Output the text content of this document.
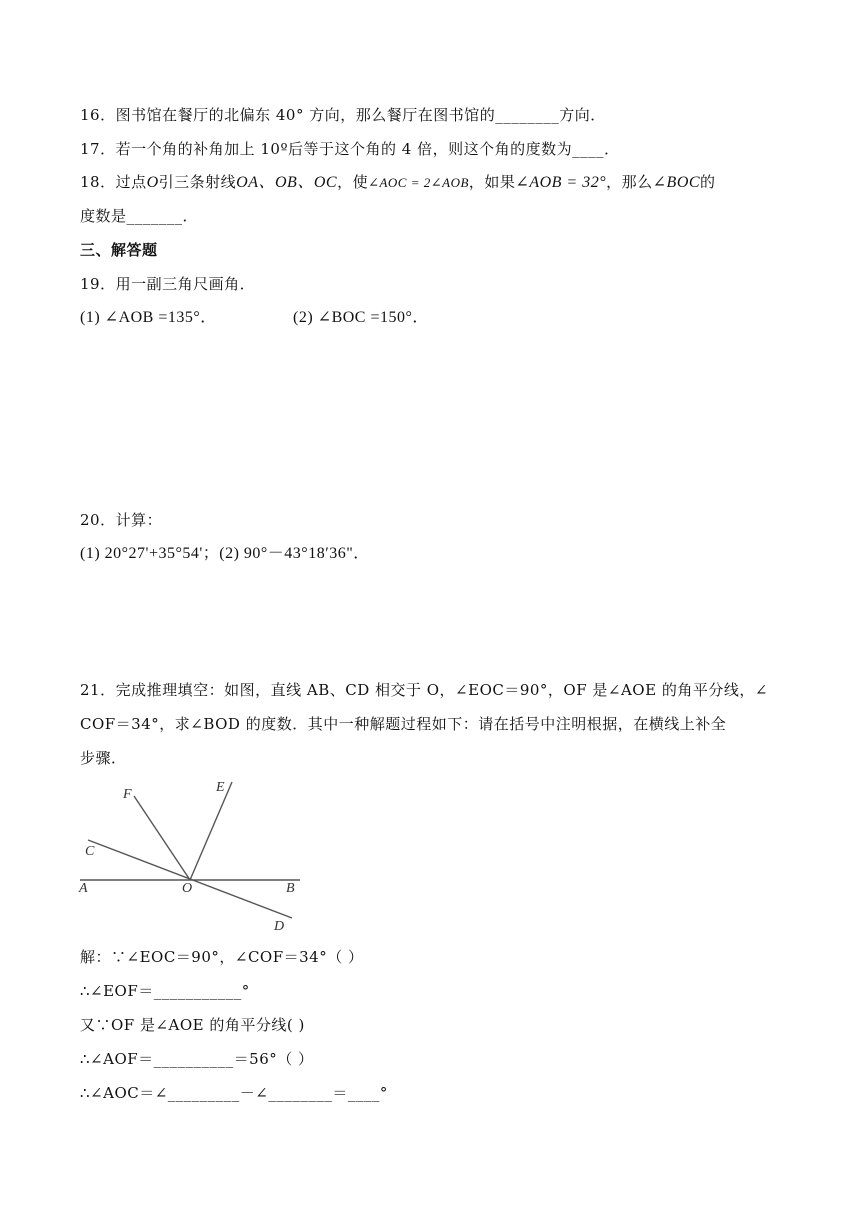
16．图书馆在餐厅的北偏东 40° 方向，那么餐厅在图书馆的________方向．
17．若一个角的补角加上 10º后等于这个角的 4 倍，则这个角的度数为____．
18．过点O引三条射线OA、OB、OC，使∠AOC = 2∠AOB，如果∠AOB = 32°，那么∠BOC的
度数是_______．
三、解答题
19．用一副三角尺画角．
(1) ∠AOB =135°．	(2) ∠BOC =150°．
20．计算：
(1) 20°27'+35°54'；(2) 90°－43°18′36"．
21．完成推理填空：如图，直线 AB、CD 相交于 O，∠EOC＝90°，OF 是∠AOE 的角平分线，∠
COF＝34°，求∠BOD 的度数．其中一种解题过程如下：请在括号中注明根据，在横线上补全
步骤．
F	E
C
A	O	B
D
解：∵∠EOC＝90°，∠COF＝34°（ ）
∴∠EOF＝___________°
又∵OF 是∠AOE 的角平分线( )
∴∠AOF＝__________＝56°（ ）
∴∠AOC＝∠_________－∠________＝____°
